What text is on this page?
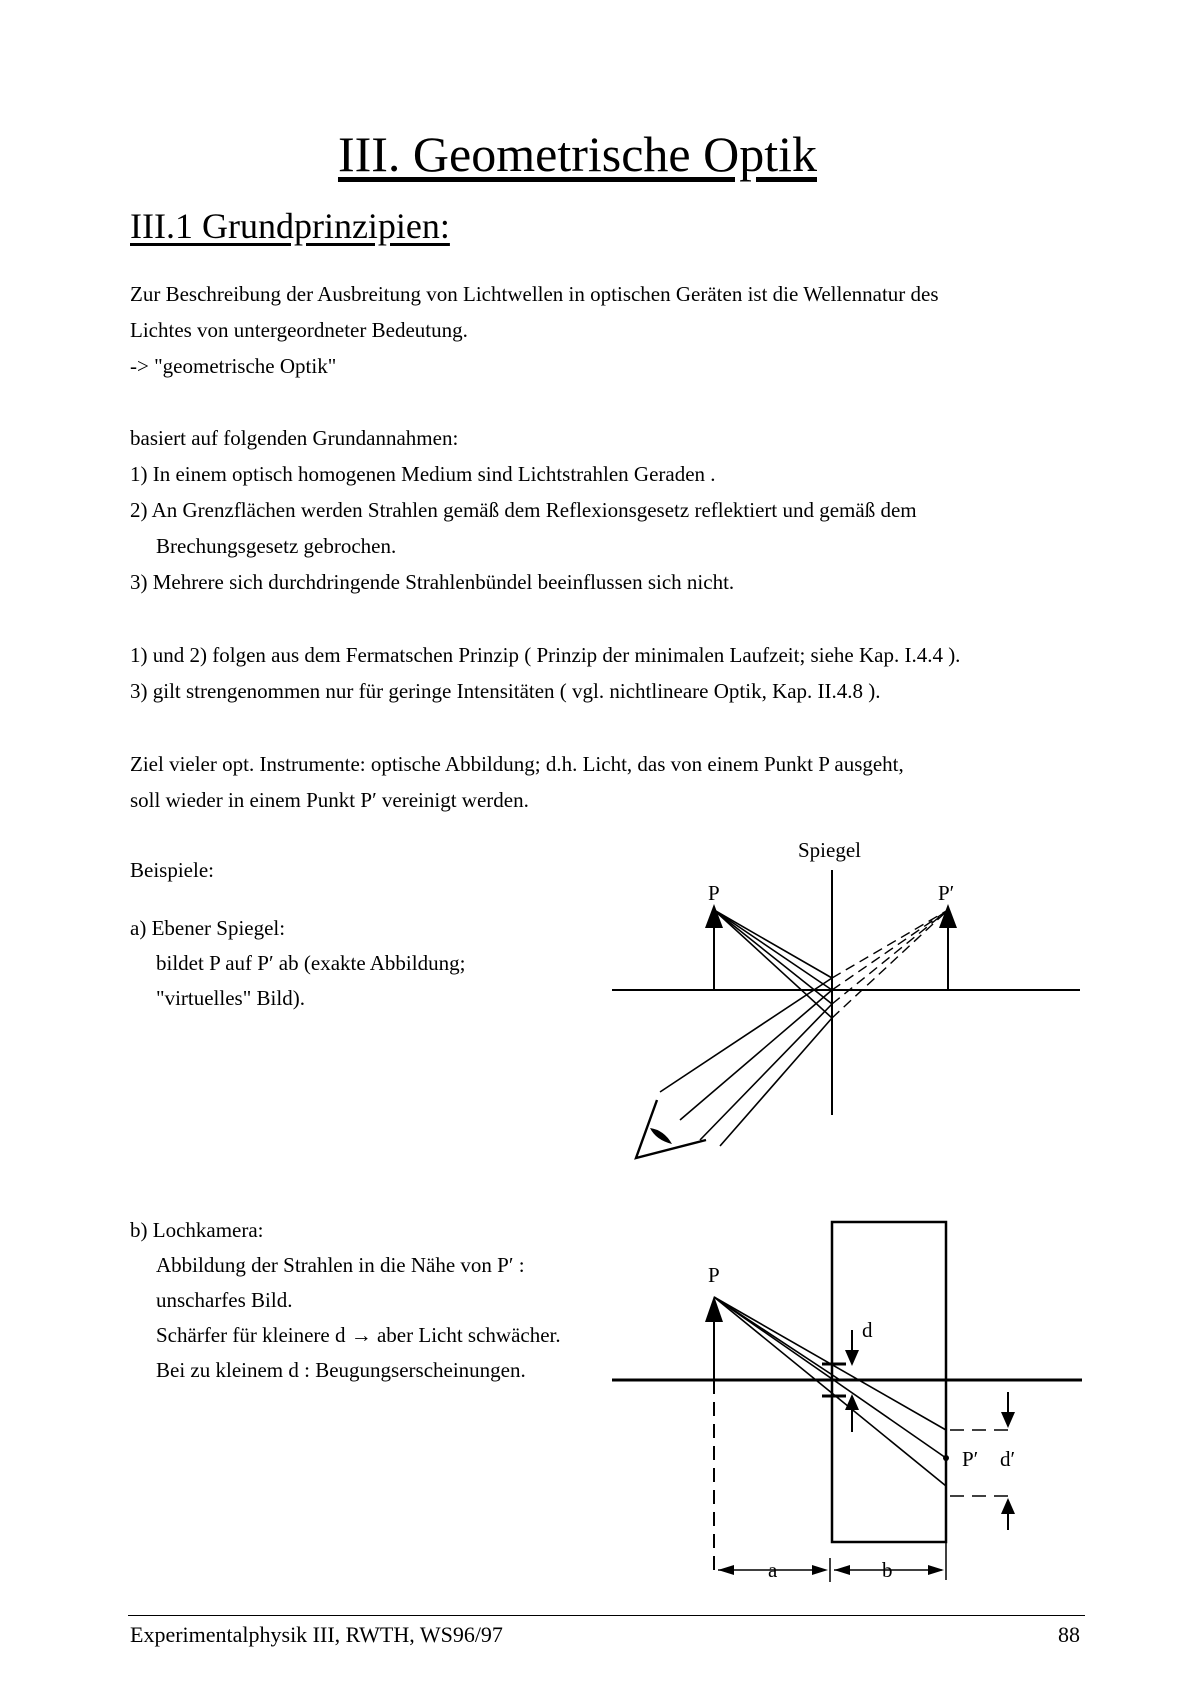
III. Geometrische Optik
III.1 Grundprinzipien:
Zur Beschreibung der Ausbreitung von Lichtwellen in optischen Geräten ist die Wellennatur des
Lichtes von untergeordneter Bedeutung.
-> "geometrische Optik"
basiert auf folgenden Grundannahmen:
1) In einem optisch homogenen Medium sind Lichtstrahlen Geraden .
2) An Grenzflächen werden Strahlen gemäß dem Reflexionsgesetz reflektiert und gemäß dem
Brechungsgesetz gebrochen.
3) Mehrere sich durchdringende Strahlenbündel beeinflussen sich nicht.
1) und 2) folgen aus dem Fermatschen Prinzip ( Prinzip der minimalen Laufzeit; siehe Kap. I.4.4 ).
3) gilt strengenommen nur für geringe Intensitäten ( vgl. nichtlineare Optik, Kap. II.4.8 ).
Ziel vieler opt. Instrumente: optische Abbildung; d.h. Licht, das von einem Punkt P ausgeht,
soll wieder in einem Punkt P′ vereinigt werden.
Beispiele:
a) Ebener Spiegel:
bildet P auf P′ ab (exakte Abbildung;
"virtuelles" Bild).
b) Lochkamera:
Abbildung der Strahlen in die Nähe von P′ :
unscharfes Bild.
Schärfer für kleinere d → aber Licht schwächer.
Bei zu kleinem d : Beugungserscheinungen.
Spiegel
P	P′
P
d
P′ d′
a	b
Experimentalphysik III, RWTH, WS96/97	88
